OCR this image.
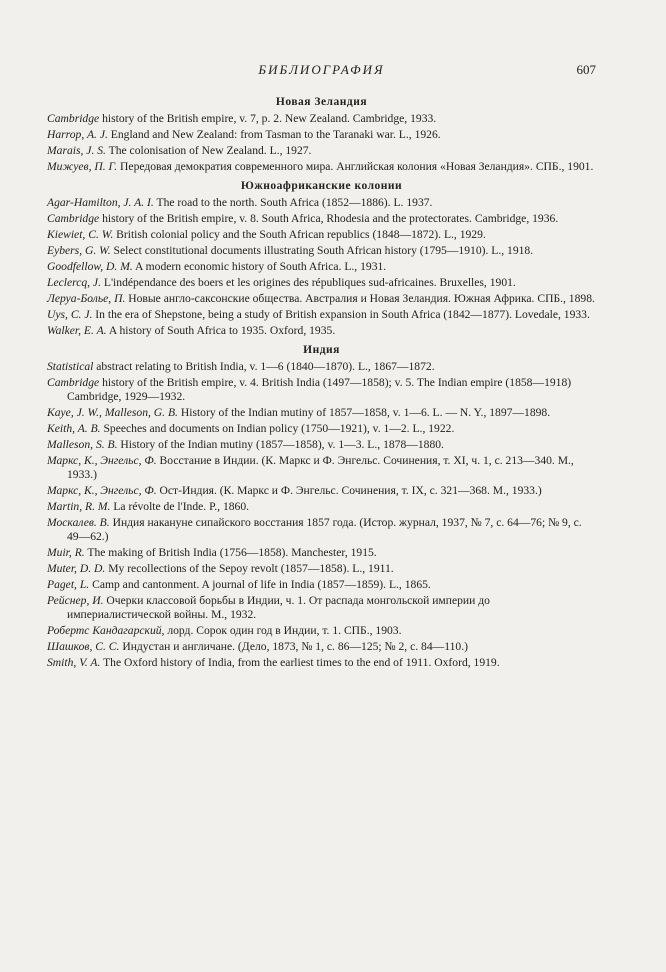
БИБЛИОГРАФИЯ	607
Новая Зеландия
Cambridge history of the British empire, v. 7, p. 2. New Zealand. Cambridge, 1933.
Harrop, A. J. England and New Zealand: from Tasman to the Taranaki war. L., 1926.
Marais, J. S. The colonisation of New Zealand. L., 1927.
Мижуев, П. Г. Передовая демократия современного мира. Английская колония «Новая Зеландия». СПБ., 1901.
Южноафриканские колонии
Agar-Hamilton, J. A. I. The road to the north. South Africa (1852—1886). L. 1937.
Cambridge history of the British empire, v. 8. South Africa, Rhodesia and the protectorates. Cambridge, 1936.
Kiewiet, C. W. British colonial policy and the South African republics (1848—1872). L., 1929.
Eybers, G. W. Select constitutional documents illustrating South African history (1795—1910). L., 1918.
Goodfellow, D. M. A modern economic history of South Africa. L., 1931.
Leclercq, J. L'indépendance des boers et les origines des républiques sud-africaines. Bruxelles, 1901.
Леруа-Болье, П. Новые англо-саксонские общества. Австралия и Новая Зеландия. Южная Африка. СПБ., 1898.
Uys, C. J. In the era of Shepstone, being a study of British expansion in South Africa (1842—1877). Lovedale, 1933.
Walker, E. A. A history of South Africa to 1935. Oxford, 1935.
Индия
Statistical abstract relating to British India, v. 1—6 (1840—1870). L., 1867—1872.
Cambridge history of the British empire, v. 4. British India (1497—1858); v. 5. The Indian empire (1858—1918) Cambridge, 1929—1932.
Kaye, J. W., Malleson, G. B. History of the Indian mutiny of 1857—1858, v. 1—6. L. — N. Y., 1897—1898.
Keith, A. B. Speeches and documents on Indian policy (1750—1921), v. 1—2. L., 1922.
Malleson, S. B. History of the Indian mutiny (1857—1858), v. 1—3. L., 1878—1880.
Маркс, К., Энгельс, Ф. Восстание в Индии. (К. Маркс и Ф. Энгельс. Сочинения, т. XI, ч. 1, с. 213—340. М., 1933.)
Маркс, К., Энгельс, Ф. Ост-Индия. (К. Маркс и Ф. Энгельс. Сочинения, т. IX, с. 321—368. М., 1933.)
Martin, R. M. La révolte de l'Inde. P., 1860.
Москалев. В. Индия накануне сипайского восстания 1857 года. (Истор. журнал, 1937, № 7, с. 64—76; № 9, с. 49—62.)
Muir, R. The making of British India (1756—1858). Manchester, 1915.
Muter, D. D. My recollections of the Sepoy revolt (1857—1858). L., 1911.
Paget, L. Camp and cantonment. A journal of life in India (1857—1859). L., 1865.
Рейснер, И. Очерки классовой борьбы в Индии, ч. 1. От распада монгольской империи до империалистической войны. М., 1932.
Робертс Кандагарский, лорд. Сорок один год в Индии, т. 1. СПБ., 1903.
Шашков, С. С. Индустан и англичане. (Дело, 1873, № 1, с. 86—125; № 2, с. 84—110.)
Smith, V. A. The Oxford history of India, from the earliest times to the end of 1911. Oxford, 1919.
